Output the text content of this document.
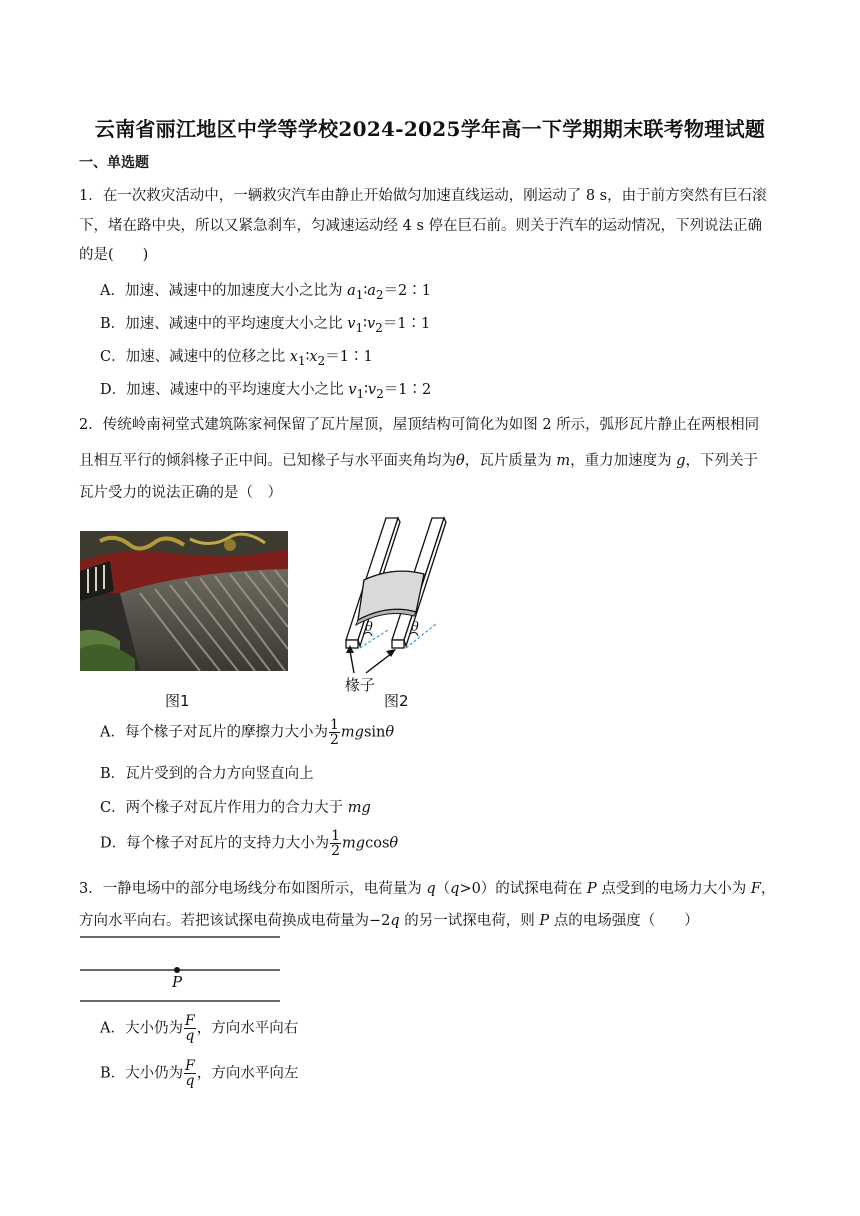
云南省丽江地区中学等学校2024-2025学年高一下学期期末联考物理试题
一、单选题
1．在一次救灾活动中，一辆救灾汽车由静止开始做匀加速直线运动，刚运动了 8 s，由于前方突然有巨石滚
下，堵在路中央，所以又紧急刹车，匀减速运动经 4 s 停在巨石前。则关于汽车的运动情况，下列说法正确
的是(　　)
A．加速、减速中的加速度大小之比为 $a_1∶a_2=2∶1$
B．加速、减速中的平均速度大小之比 $v_1∶v_2=1∶1$
C．加速、减速中的位移之比 $x_1∶x_2=1∶1$
D．加速、减速中的平均速度大小之比 $v_1∶v_2=1∶2$
2．传统岭南祠堂式建筑陈家祠保留了瓦片屋顶，屋顶结构可简化为如图 2 所示，弧形瓦片静止在两根相同
且相互平行的倾斜椽子正中间。已知椽子与水平面夹角均为θ，瓦片质量为 m，重力加速度为 g，下列关于
瓦片受力的说法正确的是（　）
图1
θ	θ
椽子
图2
A．每个椽子对瓦片的摩擦力大小为 $\frac{1}{2}$ mgsinθ
B．瓦片受到的合力方向竖直向上
C．两个椽子对瓦片作用力的合力大于 mg
D．每个椽子对瓦片的支持力大小为 $\frac{1}{2}$ mgcosθ
3．一静电场中的部分电场线分布如图所示，电荷量为 q（q>0）的试探电荷在 P 点受到的电场力大小为 F，
方向水平向右。若把该试探电荷换成电荷量为−2q 的另一试探电荷，则 P 点的电场强度（　　）
P
A．大小仍为 $\frac{F}{q}$ ，方向水平向右
B．大小仍为 $\frac{F}{q}$ ，方向水平向左
